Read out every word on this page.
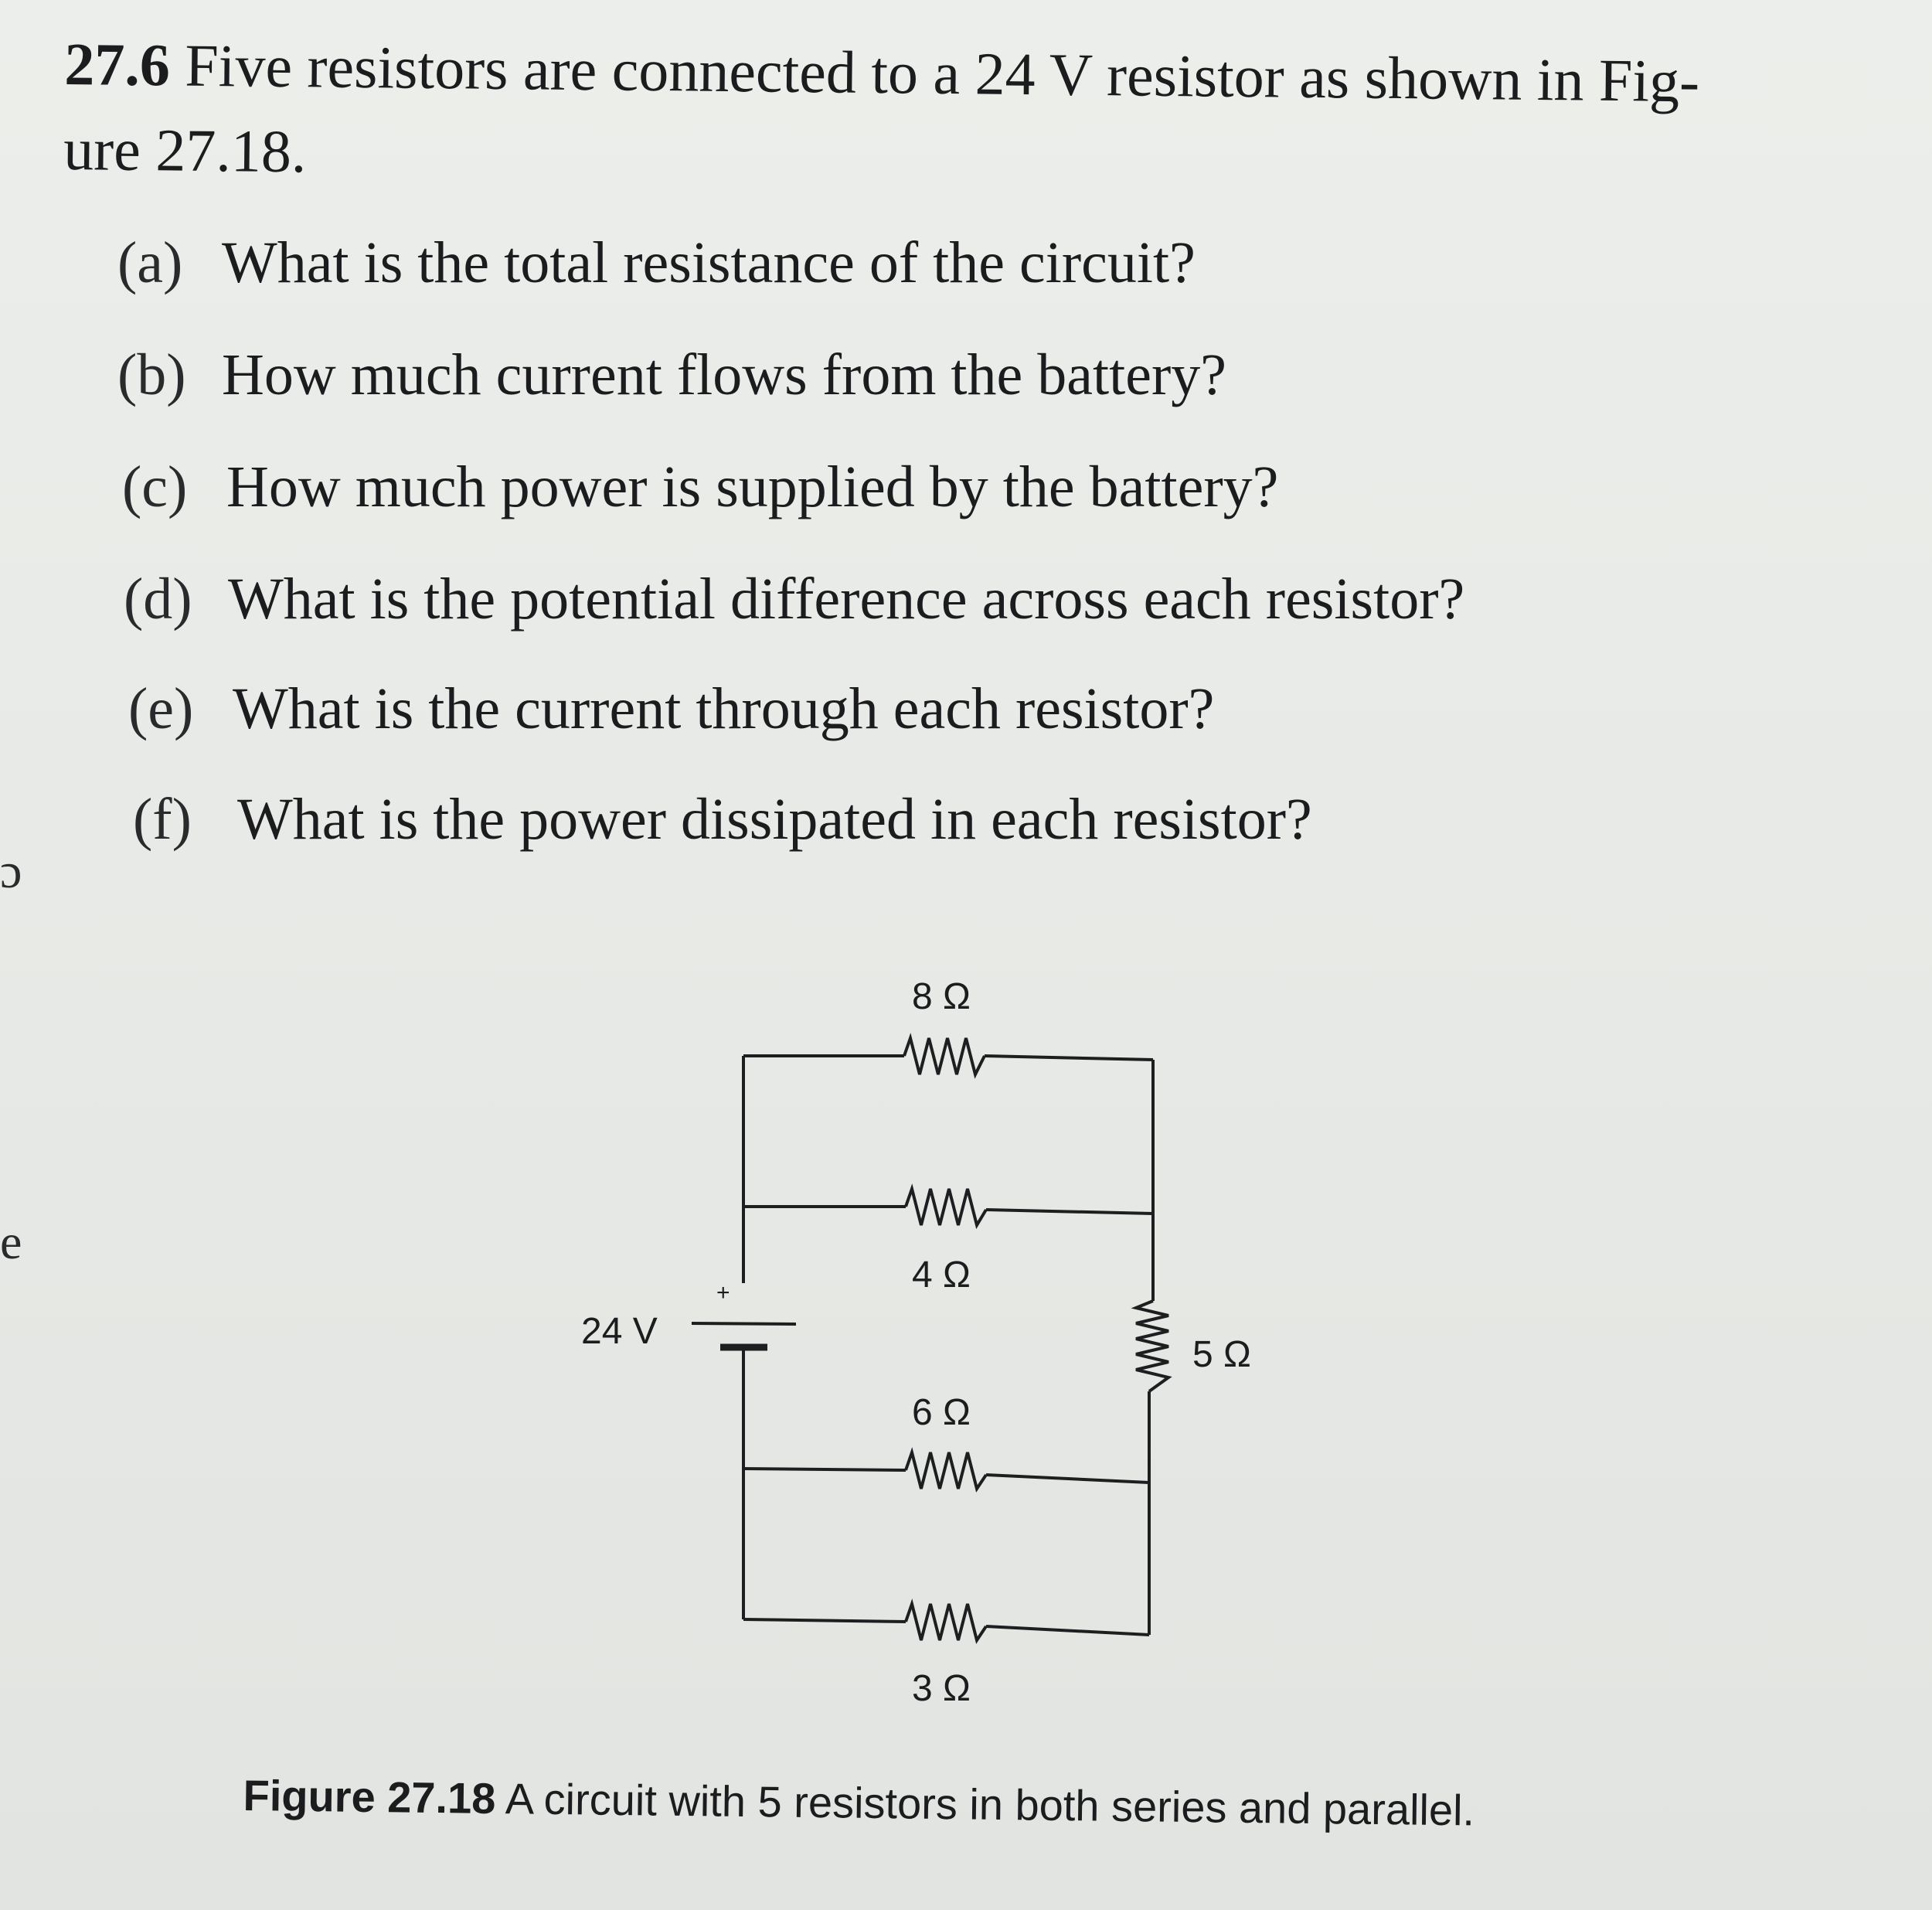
27.6 Five resistors are connected to a 24 V resistor as shown in Fig-
ure 27.18.
(a) What is the total resistance of the circuit?
(b) How much current flows from the battery?
(c) How much power is supplied by the battery?
(d) What is the potential difference across each resistor?
(e) What is the current through each resistor?
(f) What is the power dissipated in each resistor?
ɔ
e
+
24 V
8 Ω
4 Ω
6 Ω
3 Ω
5 Ω
Figure 27.18 A circuit with 5 resistors in both series and parallel.
